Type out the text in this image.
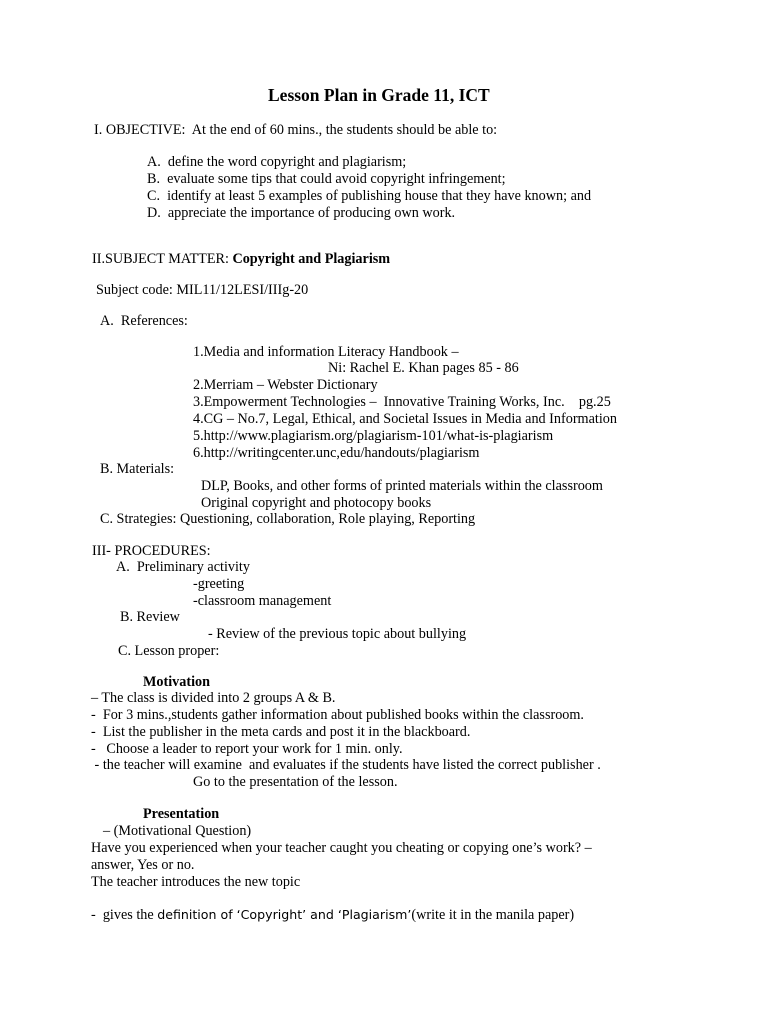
Lesson Plan in Grade 11, ICT
I. OBJECTIVE:  At the end of 60 mins., the students should be able to:
A.  define the word copyright and plagiarism;
B.  evaluate some tips that could avoid copyright infringement;
C.  identify at least 5 examples of publishing house that they have known; and
D.  appreciate the importance of producing own work.
II.SUBJECT MATTER: Copyright and Plagiarism
Subject code: MIL11/12LESI/IIIg-20
A.  References:
1.Media and information Literacy Handbook –
Ni: Rachel E. Khan pages 85 - 86
2.Merriam – Webster Dictionary
3.Empowerment Technologies –  Innovative Training Works, Inc.    pg.25
4.CG – No.7, Legal, Ethical, and Societal Issues in Media and Information
5.http://www.plagiarism.org/plagiarism-101/what-is-plagiarism
6.http://writingcenter.unc,edu/handouts/plagiarism
B. Materials:
DLP, Books, and other forms of printed materials within the classroom
Original copyright and photocopy books
C. Strategies: Questioning, collaboration, Role playing, Reporting
III- PROCEDURES:
A.  Preliminary activity
-greeting
-classroom management
B. Review
- Review of the previous topic about bullying
C. Lesson proper:
Motivation
– The class is divided into 2 groups A & B.
-  For 3 mins.,students gather information about published books within the classroom.
-  List the publisher in the meta cards and post it in the blackboard.
-   Choose a leader to report your work for 1 min. only.
- the teacher will examine  and evaluates if the students have listed the correct publisher .
Go to the presentation of the lesson.
Presentation
– (Motivational Question)
Have you experienced when your teacher caught you cheating or copying one’s work? –
answer, Yes or no.
The teacher introduces the new topic
-  gives the definition of ‘Copyright’ and ‘Plagiarism’(write it in the manila paper)
